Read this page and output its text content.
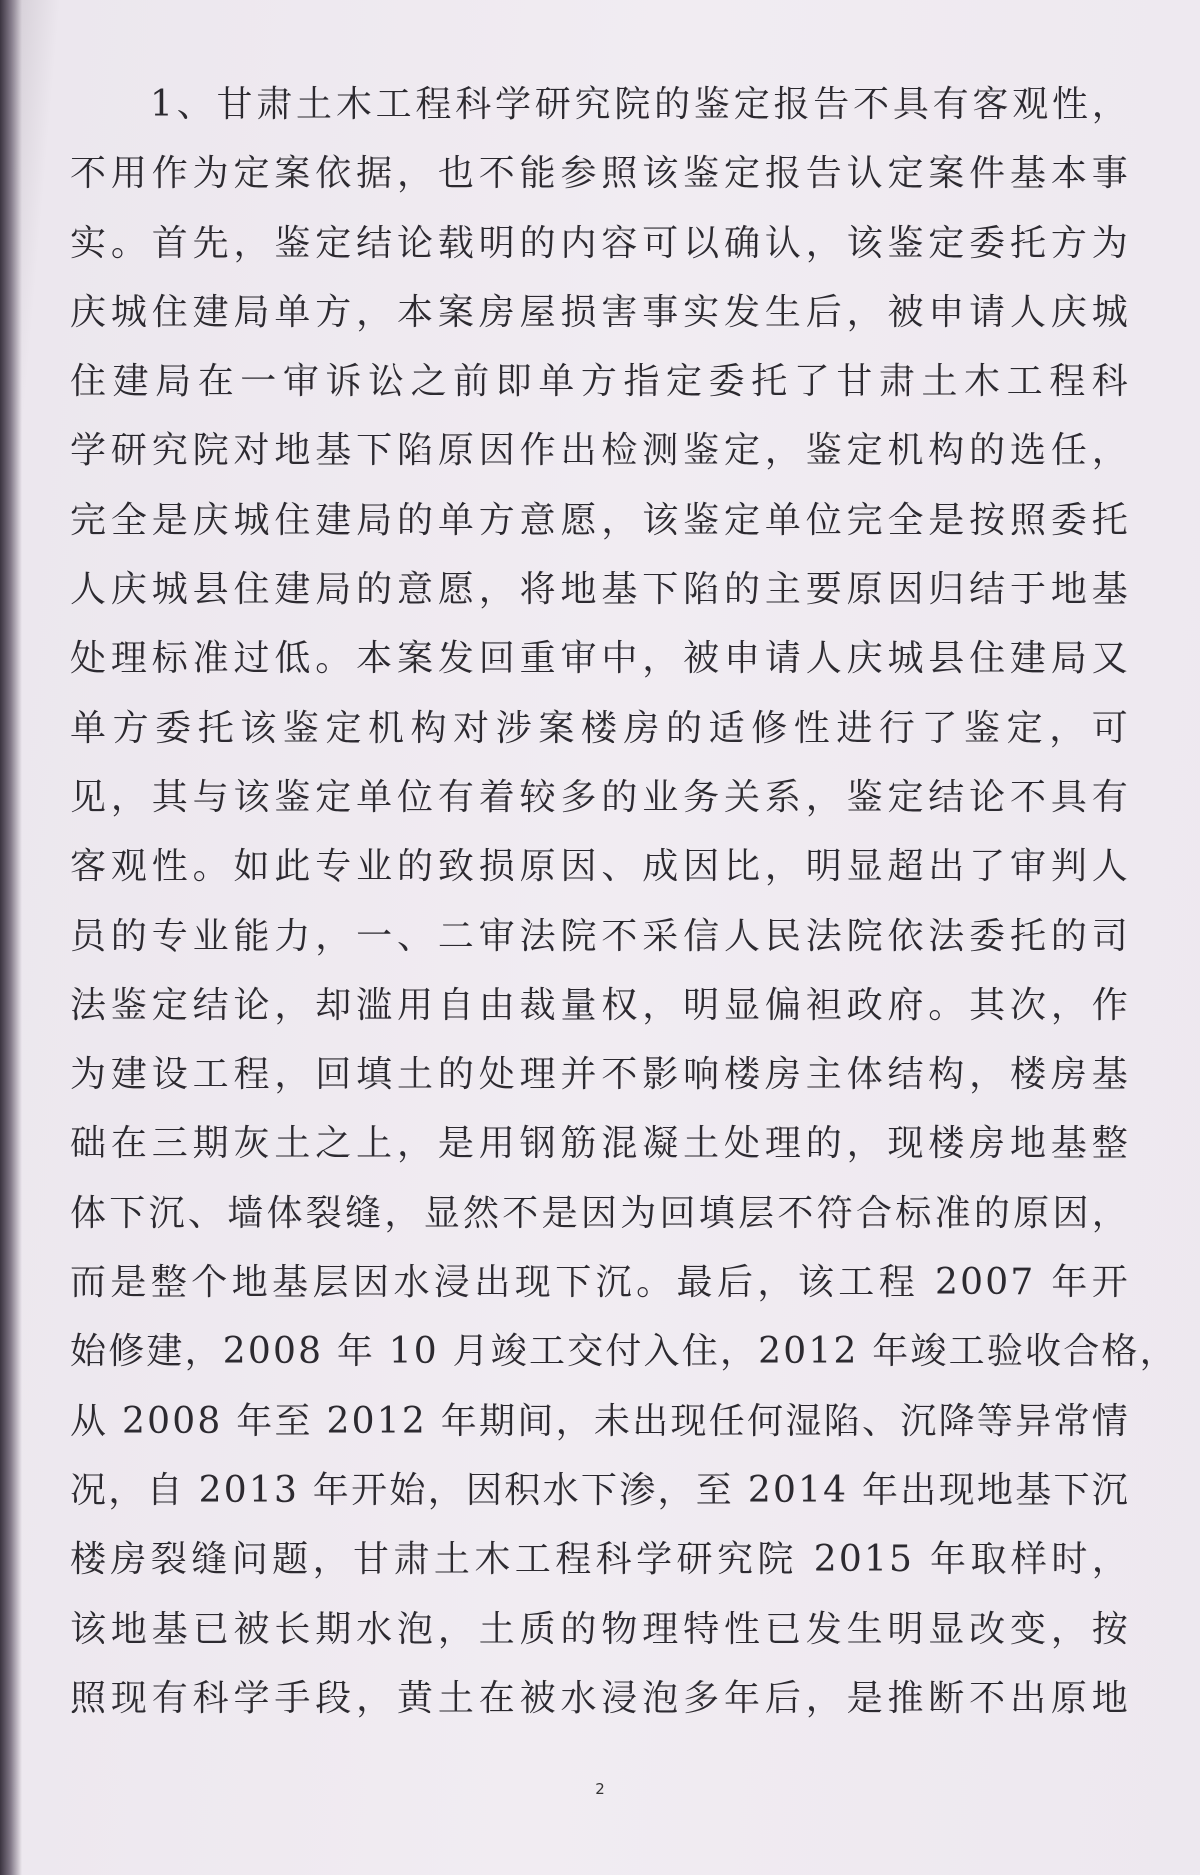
1、甘肃土木工程科学研究院的鉴定报告不具有客观性，
不用作为定案依据，也不能参照该鉴定报告认定案件基本事
实。首先，鉴定结论载明的内容可以确认，该鉴定委托方为
庆城住建局单方，本案房屋损害事实发生后，被申请人庆城
住建局在一审诉讼之前即单方指定委托了甘肃土木工程科
学研究院对地基下陷原因作出检测鉴定，鉴定机构的选任，
完全是庆城住建局的单方意愿，该鉴定单位完全是按照委托
人庆城县住建局的意愿，将地基下陷的主要原因归结于地基
处理标准过低。本案发回重审中，被申请人庆城县住建局又
单方委托该鉴定机构对涉案楼房的适修性进行了鉴定，可
见，其与该鉴定单位有着较多的业务关系，鉴定结论不具有
客观性。如此专业的致损原因、成因比，明显超出了审判人
员的专业能力，一、二审法院不采信人民法院依法委托的司
法鉴定结论，却滥用自由裁量权，明显偏袒政府。其次，作
为建设工程，回填土的处理并不影响楼房主体结构，楼房基
础在三期灰土之上，是用钢筋混凝土处理的，现楼房地基整
体下沉、墙体裂缝，显然不是因为回填层不符合标准的原因，
而是整个地基层因水浸出现下沉。最后，该工程 2007 年开
始修建，2008 年 10 月竣工交付入住，2012 年竣工验收合格，
从 2008 年至 2012 年期间，未出现任何湿陷、沉降等异常情
况，自 2013 年开始，因积水下渗，至 2014 年出现地基下沉
楼房裂缝问题，甘肃土木工程科学研究院 2015 年取样时，
该地基已被长期水泡，土质的物理特性已发生明显改变，按
照现有科学手段，黄土在被水浸泡多年后，是推断不出原地
2
